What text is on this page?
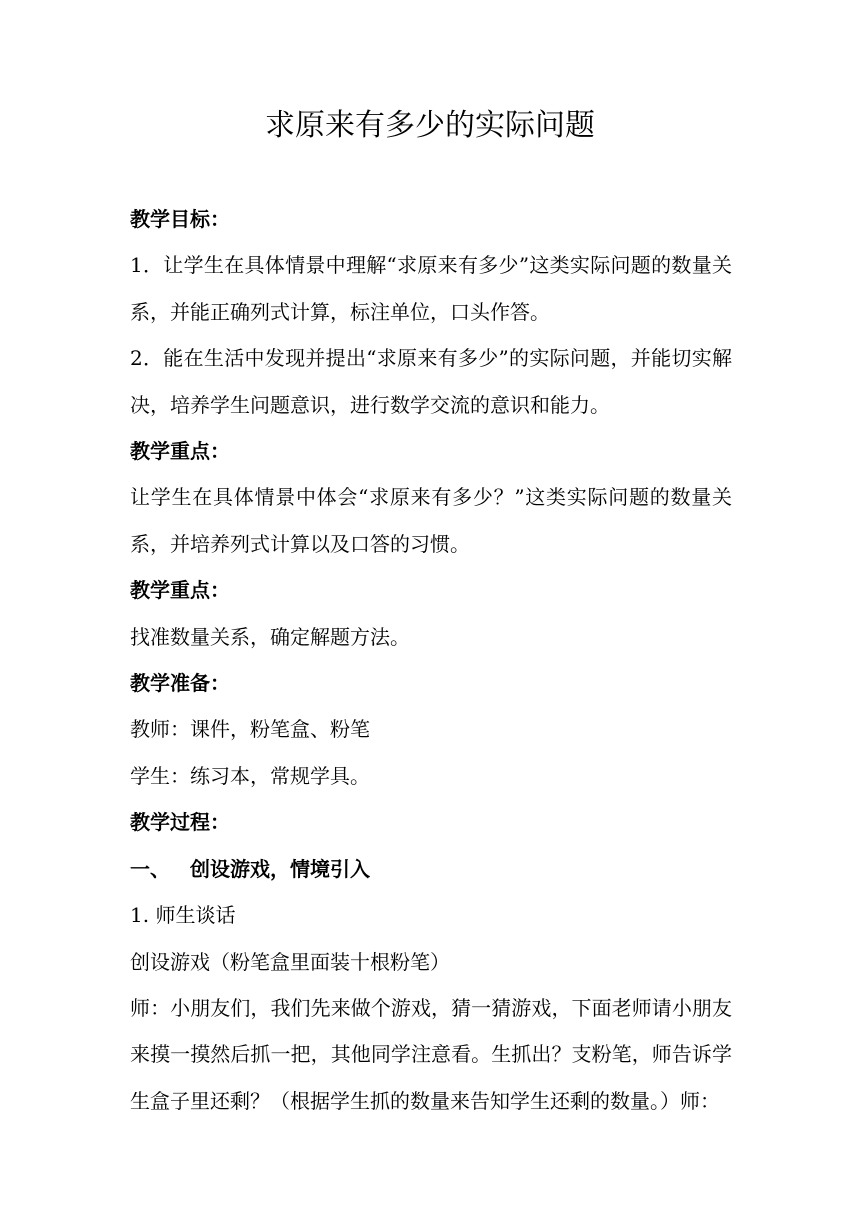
求原来有多少的实际问题

教学目标：

1．让学生在具体情景中理解“求原来有多少”这类实际问题的数量关系，并能正确列式计算，标注单位，口头作答。

2．能在生活中发现并提出“求原来有多少”的实际问题，并能切实解决，培养学生问题意识，进行数学交流的意识和能力。

教学重点：

让学生在具体情景中体会“求原来有多少？”这类实际问题的数量关系，并培养列式计算以及口答的习惯。

教学重点：

找准数量关系，确定解题方法。

教学准备：

教师：课件，粉笔盒、粉笔

学生：练习本，常规学具。

教学过程：

一、 创设游戏，情境引入

1. 师生谈话

创设游戏（粉笔盒里面装十根粉笔）

师：小朋友们，我们先来做个游戏，猜一猜游戏，下面老师请小朋友来摸一摸然后抓一把，其他同学注意看。生抓出？支粉笔，师告诉学生盒子里还剩？（根据学生抓的数量来告知学生还剩的数量。）师：
